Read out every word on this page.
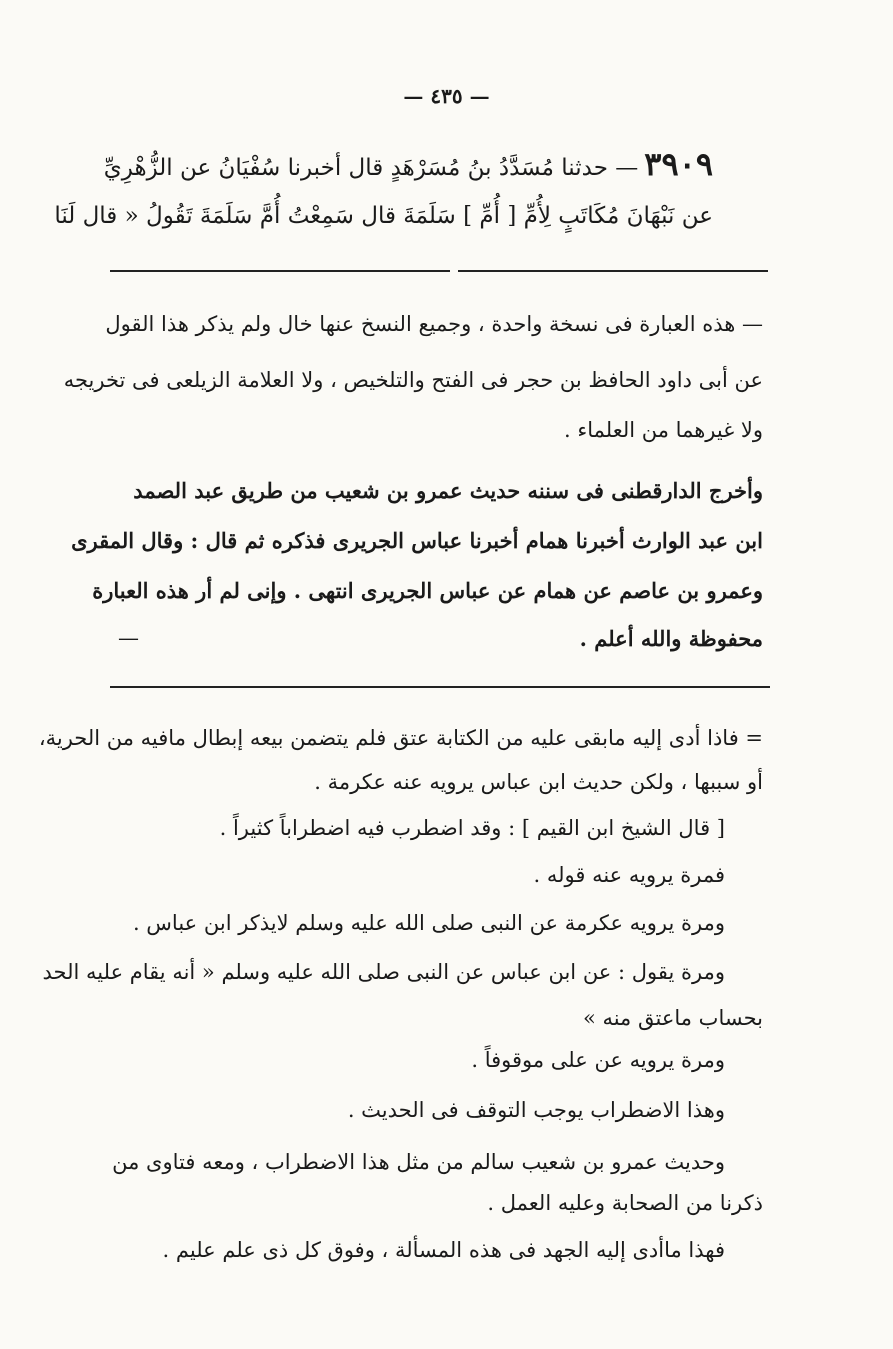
— ٤٣٥ —
٣٩٠٩— حدثنا مُسَدَّدُ بنُ مُسَرْهَدٍ قال أخبرنا سُفْيَانُ عن الزُّهْرِيِّ
عن نَبْهَانَ مُكَاتَبٍ لِأُمِّ [ أُمِّ ] سَلَمَةَ قال سَمِعْتُ أُمَّ سَلَمَةَ تَقُولُ « قال لَنَا
— هذه العبارة فى نسخة واحدة ، وجميع النسخ عنها خال ولم يذكر هذا القول
عن أبى داود الحافظ بن حجر فى الفتح والتلخيص ، ولا العلامة الزيلعى فى تخريجه
ولا غيرهما من العلماء .
وأخرج الدارقطنى فى سننه حديث عمرو بن شعيب من طريق عبد الصمد
ابن عبد الوارث أخبرنا همام أخبرنا عباس الجريرى فذكره ثم قال : وقال المقرى
وعمرو بن عاصم عن همام عن عباس الجريرى انتهى . وإنى لم أر هذه العبارة
محفوظة والله أعلم .
—
= فاذا أدى إليه مابقى عليه من الكتابة عتق فلم يتضمن بيعه إبطال مافيه من الحرية،
أو سببها ، ولكن حديث ابن عباس يرويه عنه عكرمة .
[ قال الشيخ ابن القيم ] : وقد اضطرب فيه اضطراباً كثيراً .
فمرة يرويه عنه قوله .
ومرة يرويه عكرمة عن النبى صلى الله عليه وسلم لايذكر ابن عباس .
ومرة يقول : عن ابن عباس عن النبى صلى الله عليه وسلم « أنه يقام عليه الحد
بحساب ماعتق منه »
ومرة يرويه عن على موقوفاً .
وهذا الاضطراب يوجب التوقف فى الحديث .
وحديث عمرو بن شعيب سالم من مثل هذا الاضطراب ، ومعه فتاوى من
ذكرنا من الصحابة وعليه العمل .
فهذا ماأدى إليه الجهد فى هذه المسألة ، وفوق كل ذى علم عليم .
